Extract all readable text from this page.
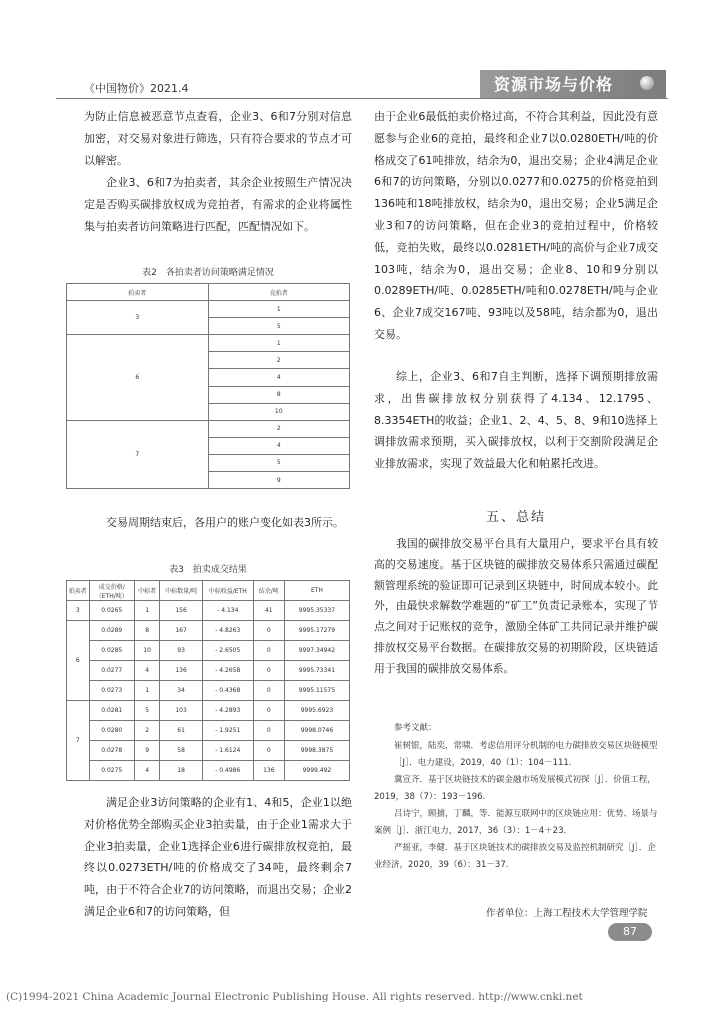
《中国物价》2021.4	资源市场与价格
为防止信息被恶意节点查看，企业3、6和7分别对信息加密，对交易对象进行筛选，只有符合要求的节点才可以解密。
企业3、6和7为拍卖者，其余企业按照生产情况决定是否购买碳排放权成为竞拍者，有需求的企业将属性集与拍卖者访问策略进行匹配，匹配情况如下。
表2　各拍卖者访问策略满足情况
拍卖者	竞拍者
3	1
	5
6	1
	2
	4
	8
	10
7	2
	4
	5
	9
交易周期结束后，各用户的账户变化如表3所示。
表3　拍卖成交结果
拍卖者	成交价格/（ETH/吨）	中标者	中标数量/吨	中标收益/ETH	结余/吨	ETH
3	0.0265	1	156	- 4.134	41	9995.35337
6	0.0289	8	167	- 4.8263	0	9995.17279
	0.0285	10	93	- 2.6505	0	9997.34942
	0.0277	4	136	- 4.2658	0	9995.73341
	0.0273	1	34	- 0.4368	0	9995.11575
7	0.0281	5	103	- 4.2893	0	9995.6923
	0.0280	2	61	- 1.9251	0	9998.0746
	0.0278	9	58	- 1.6124	0	9998.3875
	0.0275	4	18	- 0.4986	136	9999.492
满足企业3访问策略的企业有1、4和5，企业1以绝对价格优势全部购买企业3拍卖量，由于企业1需求大于企业3拍卖量，企业1选择企业6进行碳排放权竞拍，最终以0.0273ETH/吨的价格成交了34吨，最终剩余7吨，由于不符合企业7的访问策略，而退出交易；企业2满足企业6和7的访问策略，但
由于企业6最低拍卖价格过高，不符合其利益，因此没有意愿参与企业6的竞拍，最终和企业7以0.0280ETH/吨的价格成交了61吨排放，结余为0，退出交易；企业4满足企业6和7的访问策略，分别以0.0277和0.0275的价格竞拍到136吨和18吨排放权，结余为0，退出交易；企业5满足企业3和7的访问策略，但在企业3的竞拍过程中，价格较低，竞拍失败，最终以0.0281ETH/吨的高价与企业7成交103吨，结余为0，退出交易；企业8、10和9分别以0.0289ETH/吨、0.0285ETH/吨和0.0278ETH/吨与企业6、企业7成交167吨、93吨以及58吨，结余都为0，退出交易。
综上，企业3、6和7自主判断，选择下调预期排放需求，出售碳排放权分别获得了4.134、12.1795、8.3354ETH的收益；企业1、2、4、5、8、9和10选择上调排放需求预期，买入碳排放权，以利于交割阶段满足企业排放需求，实现了效益最大化和帕累托改进。
五、总结
我国的碳排放交易平台具有大量用户，要求平台具有较高的交易速度。基于区块链的碳排放交易体系只需通过碳配额管理系统的验证即可记录到区块链中，时间成本较小。此外，由最快求解数学难题的“矿工”负责记录账本，实现了节点之间对于记账权的竞争，激励全体矿工共同记录并维护碳排放权交易平台数据。在碳排放交易的初期阶段，区块链适用于我国的碳排放交易体系。
参考文献：
崔树银，陆奕，常啸．考虑信用评分机制的电力碳排放交易区块链模型［J］．电力建设，2019，40（1）：104－111.
冀宣齐．基于区块链技术的碳金融市场发展模式初探［J］．价值工程，2019，38（7）：193－196.
吕诗宁，顾捕，丁麟，等．能源互联网中的区块链应用：优势、场景与案例［J］．浙江电力，2017，36（3）：1－4＋23.
严摇亚，李健．基于区块链技术的碳排放交易及监控机制研究［J］．企业经济，2020，39（6）：31－37.
作者单位：上海工程技术大学管理学院
87
(C)1994-2021 China Academic Journal Electronic Publishing House. All rights reserved. http://www.cnki.net
